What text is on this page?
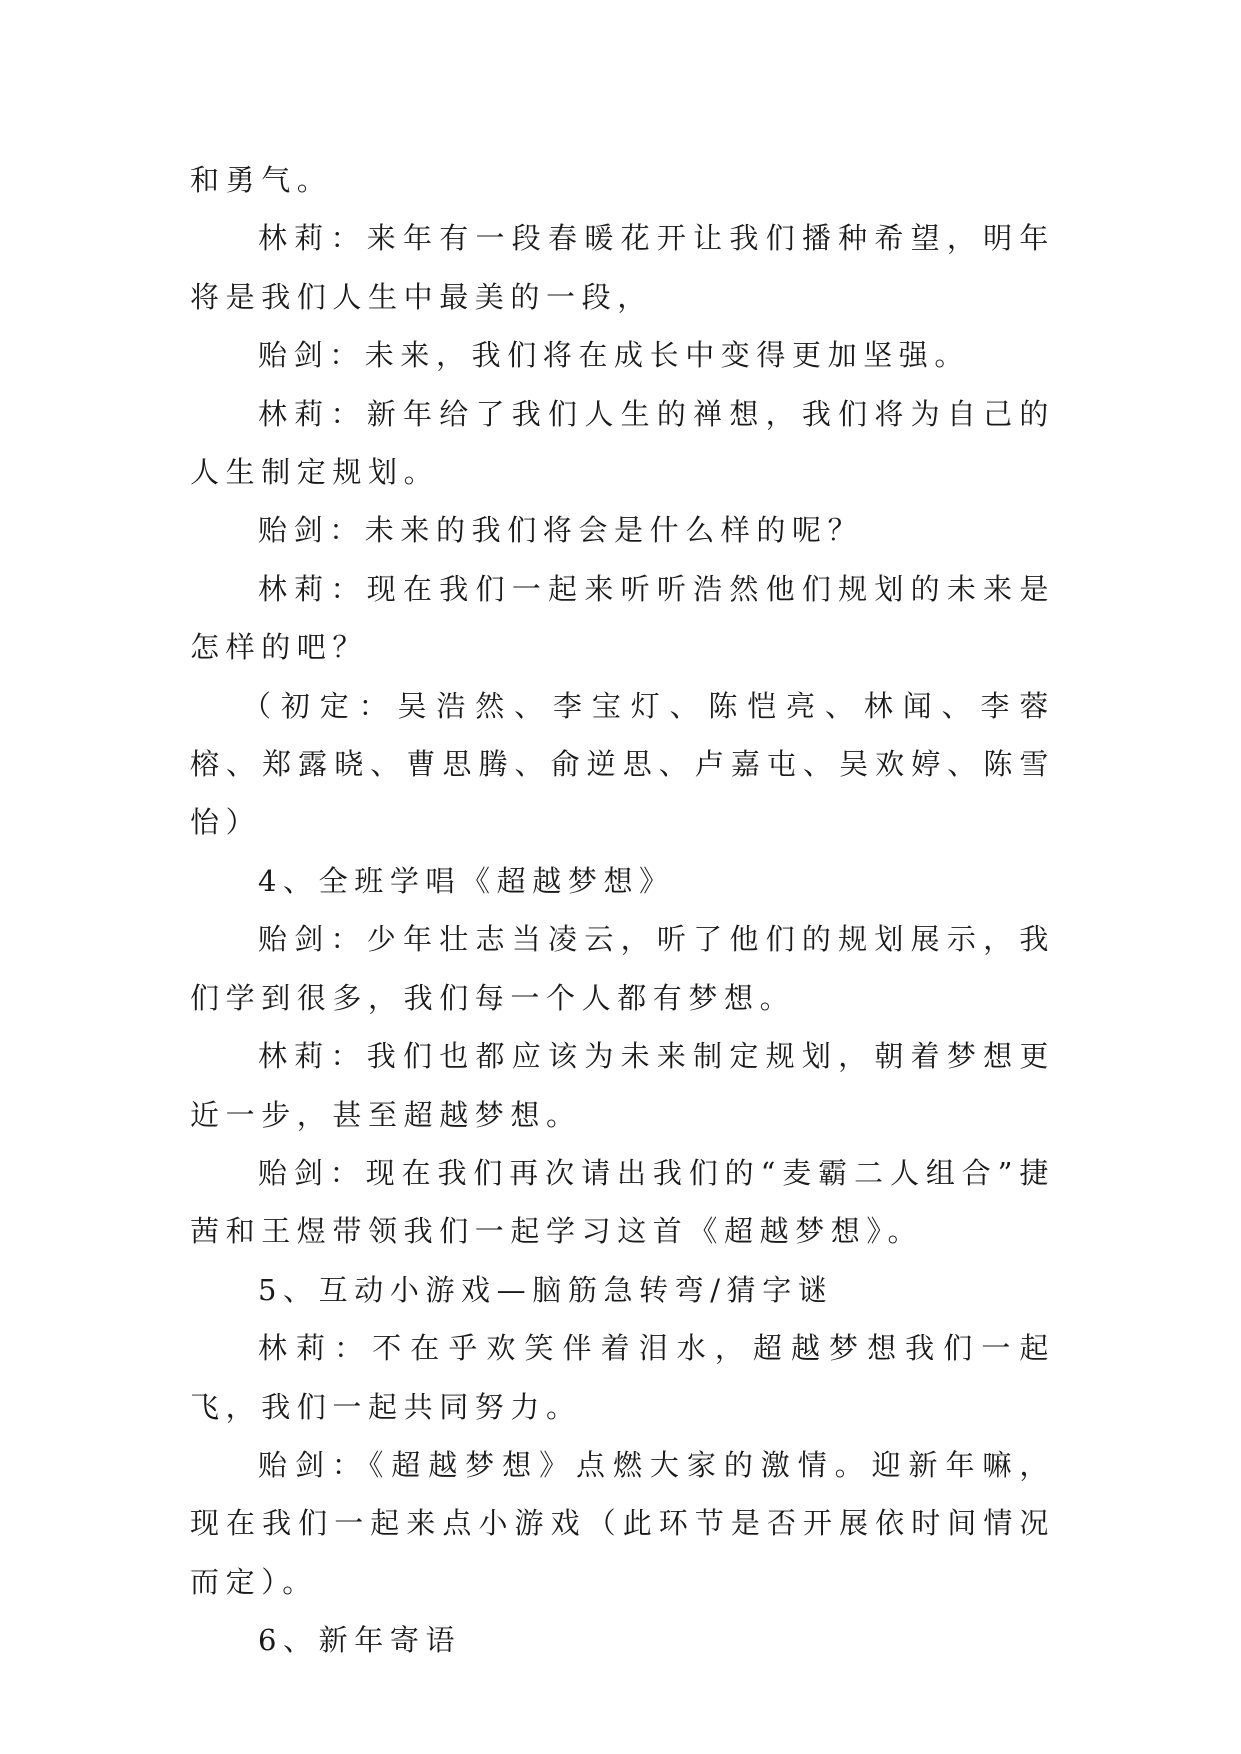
和勇气。

林莉：来年有一段春暖花开让我们播种希望，明年将是我们人生中最美的一段，

贻剑：未来，我们将在成长中变得更加坚强。

林莉：新年给了我们人生的禅想，我们将为自己的人生制定规划。

贻剑：未来的我们将会是什么样的呢？

林莉：现在我们一起来听听浩然他们规划的未来是怎样的吧？

（初定：吴浩然、李宝灯、陈恺亮、林闻、李蓉榕、郑露晓、曹思腾、俞逆思、卢嘉屯、吴欢婷、陈雪怡）

4、全班学唱《超越梦想》

贻剑：少年壮志当凌云，听了他们的规划展示，我们学到很多，我们每一个人都有梦想。

林莉：我们也都应该为未来制定规划，朝着梦想更近一步，甚至超越梦想。

贻剑：现在我们再次请出我们的“麦霸二人组合”捷茜和王煜带领我们一起学习这首《超越梦想》。

5、互动小游戏—脑筋急转弯/猜字谜

林莉：不在乎欢笑伴着泪水，超越梦想我们一起飞，我们一起共同努力。

贻剑：《超越梦想》点燃大家的激情。迎新年嘛，现在我们一起来点小游戏（此环节是否开展依时间情况而定）。

6、新年寄语
